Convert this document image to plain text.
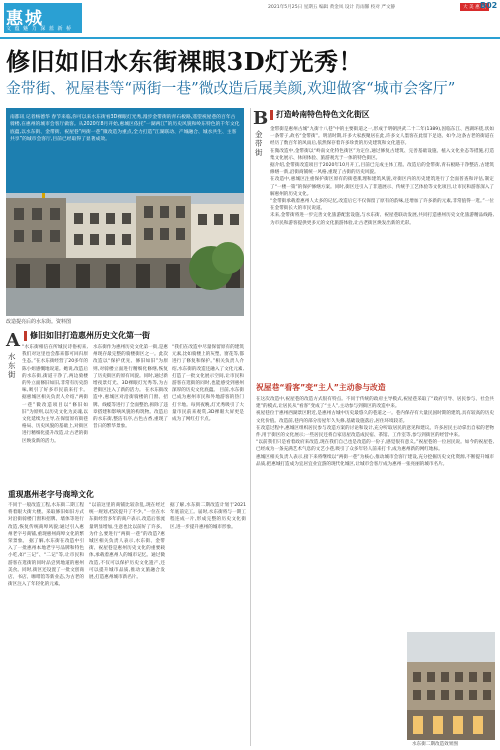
惠城
文 蕴 魅 力 深 蓝 新 桥
2021年5月25日 星期五 编辑 黄金凤 设计 肖雨馨 校对 严文静	大 美 惠 城
B02
修旧如旧水东街裸眼3D灯光秀！
金带街、祝屋巷等“两街一巷”微改造后展美颜,欢迎做客“城市会客厅”
南都讯 记者杨德华 春节来临,你可以来水东街看3D裸眼灯光秀,漫步金带街的青石板路,遥望祝屋巷的百年古骑楼,在惠州的城市会客厅做客。从2020年8月开始,惠城区依托“一湖两江”的历史风貌和岭东特色的千年文化底蕴,以水东街、金带街、祝屋巷“两街一巷”微改造为重点,全力打造“江湖联动、产城融合、城水共生、主客共享”的城市会客厅,目前已经取得了显著成效。
改造提亮后的水东街。资料图
A
水东街
修旧如旧打造惠州历史文化第一街
“水东街相信在所城民诗俗初来,我们对这里也会都来都可回归原生态。”在水东街经营了20多年的陈小姐感慨地说道。她说,改造后的水东街,街道干净了,两边骑楼的外立面修旧如旧,非常有历史韵味,吸引了好多市民前来打卡。 据惠城区相关负责人介绍,“两街一巷”微改造项目以“修旧如旧”为原则,以历史文化为灵魂,以文化延续为主导,在保留原有街巷格局、历史风貌的基础上,对街区进行精细化提升改造,让古老的街区焕发新的活力。
水东街作为惠州历史文化第一街,是惠州现存最完整的骑楼街区之一。此次改造以“保护优先、修旧如旧”为原则,对骑楼立面进行精细化修缮,恢复了历史街区的原有风貌。同时,通过新增夜景灯光、3D裸眼灯光秀等,为古老街区注入了新的活力。 在水东街改造中,惠城区对沿街骑楼的门窗、招牌、线缆等进行了全面整治,拆除了违章搭建和影响风貌的构筑物。改造后的水东街,整洁有序,古色古香,重现了昔日的繁华景象。
“我们在改造中尽量保留原有的建筑元素,比如骑楼上的灰塑、窗花等,都进行了修复和保护。”相关负责人介绍,水东街的改造还融入了文化元素,打造了一批文化展示空间,让市民和游客在逛街的同时,也能感受到惠州深厚的历史文化底蕴。 目前,水东街已成为惠州市民和外地游客的热门打卡地。每到夜晚,灯光秀吸引了大量市民前来观赏,3D裸眼大屏更是成为了网红打卡点。
重现惠州老字号商埠文化
不同于一般改造工程,水东街二期工程将着眼大街大楼。采取修旧如旧方式对沿街骑楼门窗和招牌、墙体等进行改造,恢复传统商埠风貌;通过引入惠州老字号商铺,重现惠州商埠文化的繁荣景象。 据了解,水东街在改造中引入了一批惠州本地老字号品牌和特色小吃,如“三记”、“二记”等,让市民和游客在逛街的同时品尝到地道的惠州美食。同时,街区还设置了一批文创商店、书店、咖啡馆等新业态,为古老的街区注入了年轻化的元素。
“以前这里的商铺比较杂乱,现在经过统一规划,档次提升了不少。”一位在水东街经营多年的商户表示,改造后客流量明显增加,生意也比以前好了许多。 为什么要进行“两街一巷”的改造?惠城区相关负责人表示,水东街、金带街、祝屋巷是惠州历史文化的重要载体,承载着惠州人的城市记忆。通过微改造,不仅可以保护历史文化遗产,还可以提升城市品质,推动文旅融合发展,打造惠州城市新名片。
据了解,水东街二期改造计划于2021年底前完工。届时,水东街将与一期工程连成一片,形成完整的历史文化街区,进一步提升惠州的城市形象。
B
金带街
打造岭南特色特色文化街区

金带街是惠州古城“九街十八巷”中的主要街道之一,形成于明朝洪武二十二年(1389),因临东江、西湖环绕,状如一条带子,故名“金带街”。明清时期,许多大家族聚居在此,许多文人墨客在此留下足迹。如今,这条古老的街道在经历了数百年的风雨后,依然保存着许多珍贵的历史建筑和文化遗存。

在微改造中,金带街以“岭南文化特色街区”为定位,通过修复古建筑、完善基础设施、植入文化业态等措施,打造集文化展示、休闲体验、旅游观光于一体的特色街区。

据介绍,金带街改造项目于2020年10月开工,目前已完成主体工程。改造后的金带街,青石板路干净整洁,古建筑修缮一新,沿街商铺统一风格,重现了古街的历史风貌。

在改造中,惠城区注重保护街区原有的街巷肌理和建筑风貌,对街区内的历史建筑进行了全面普查和评估,制定了“一楼一策”的保护修缮方案。同时,街区还引入了非遗展示、传统手工艺体验等文化项目,让市民和游客深入了解惠州的历史文化。

“金带街承载着惠州人太多的记忆,改造后它不仅保留了原有的韵味,还增加了许多新的元素,非常值得一逛。”一位在金带街长大的市民说道。

未来,金带街将进一步完善文化旅游配套设施,与水东街、祝屋巷联动发展,共同打造惠州历史文化旅游精品线路,为市民和游客提供更多元的文化旅游体验,让古老街区焕发出新的光彩。

祝屋巷“看客”变“主人”主动参与改造

在这次改造中,祝屋巷的改造方式很有特点。不同于传统的政府主导模式,祝屋巷采取了“政府引导、居民参与、社会共建”的模式,让居民从“看客”变成了“主人”,主动参与到街区的改造中来。

祝屋巷位于惠州西湖景区附近,是惠州古城中历史最悠久的巷道之一。巷内保存有大量民国时期的建筑,具有较高的历史文化价值。改造前,巷内的部分房屋年久失修,基础设施落后,居住环境较差。

在改造过程中,惠城区组织居民参与改造方案的讨论和设计,充分听取居民的意见和建议。许多居民主动拿出自家的老物件,用于街区的文化展示;一些居民还将自家房屋改造成民宿、茶馆、工作室等,参与到街区的经营中来。

“以前我们只是看着政府来改造,现在我们自己也是改造的一份子,感觉很有意义。”祝屋巷的一位居民说。如今的祝屋巷,已经成为一条充满艺术气息的文艺小巷,吸引了众多年轻人前来打卡,成为惠州新的网红地标。

惠城区相关负责人表示,接下来将继续以“两街一巷”为核心,推动城市会客厅建设,充分挖掘历史文化资源,不断提升城市品质,把惠城打造成为宜居宜业宜游的现代化城区,让城市会客厅成为惠州一张亮丽的城市名片。

水东街二期改造效果图
